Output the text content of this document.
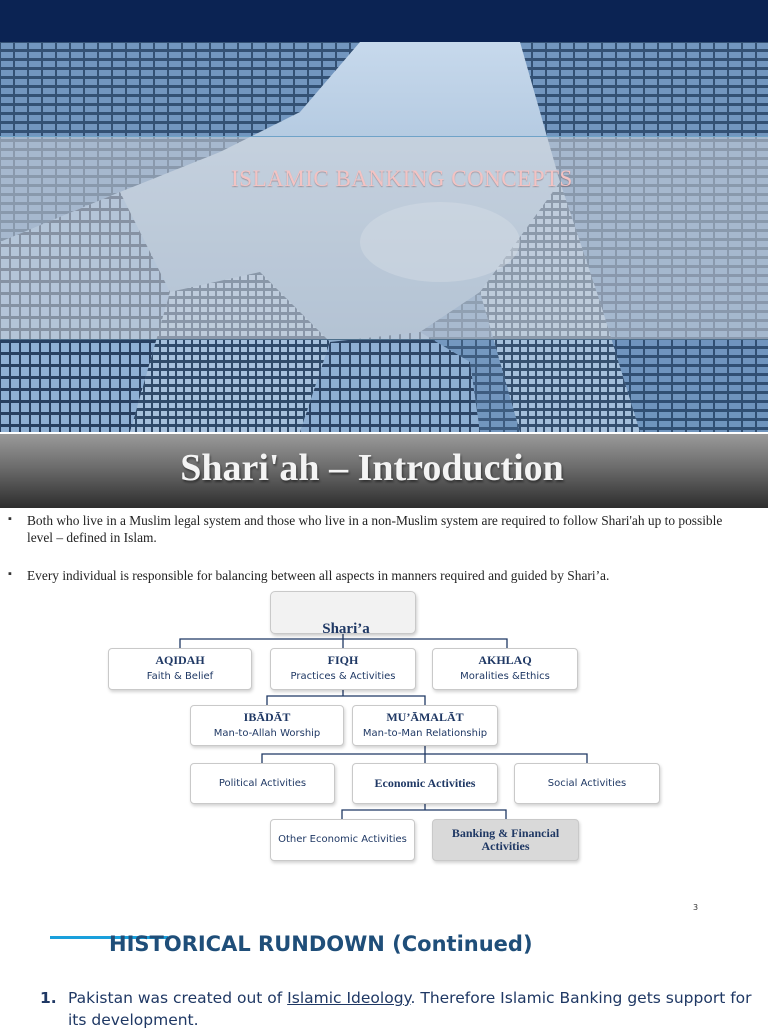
ISLAMIC BANKING CONCEPTS
Shari'ah – Introduction

▪ Both who live in a Muslim legal system and those who live in a non-Muslim system are required to follow Shari'ah up to possible level – defined in Islam.

▪ Every individual is responsible for balancing between all aspects in manners required and guided by Shari’a.

Shari’a
AQIDAH
Faith & Belief
FIQH
Practices & Activities
AKHLAQ
Moralities &Ethics
IBĀDĀT
Man-to-Allah Worship
MU’ĀMALĀT
Man-to-Man Relationship
Political Activities	Economic Activities	Social Activities
Other Economic Activities	Banking & Financial Activities
3
HISTORICAL RUNDOWN (Continued)
1. Pakistan was created out of Islamic Ideology. Therefore Islamic Banking gets support for its development.
